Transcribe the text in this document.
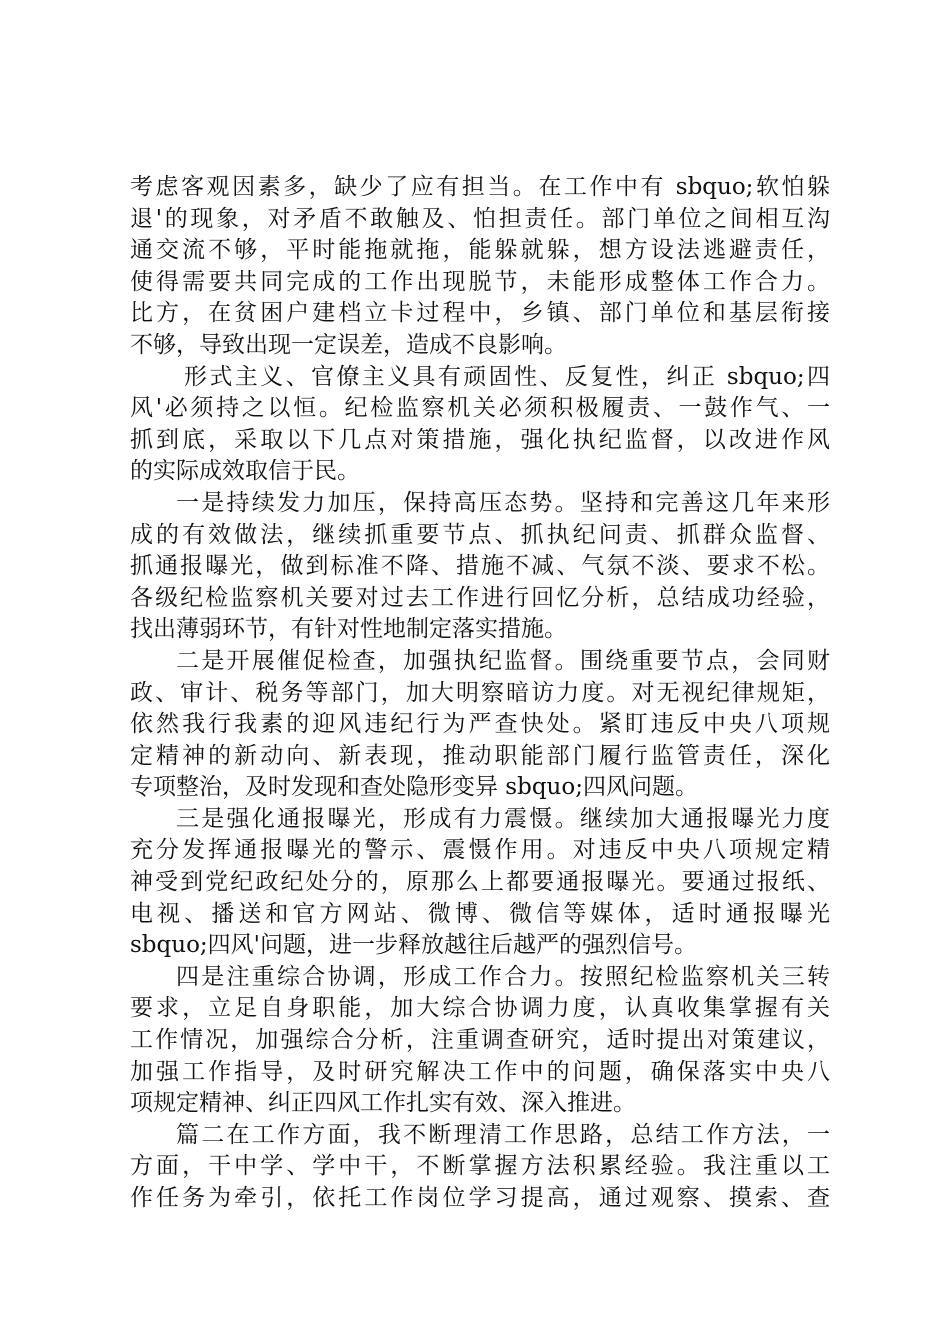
考虑客观因素多，缺少了应有担当。在工作中有 sbquo;软怕躲
退'的现象，对矛盾不敢触及、怕担责任。部门单位之间相互沟
通交流不够，平时能拖就拖，能躲就躲，想方设法逃避责任，
使得需要共同完成的工作出现脱节，未能形成整体工作合力。
比方，在贫困户建档立卡过程中，乡镇、部门单位和基层衔接
不够，导致出现一定误差，造成不良影响。
形式主义、官僚主义具有顽固性、反复性，纠正 sbquo;四
风'必须持之以恒。纪检监察机关必须积极履责、一鼓作气、一
抓到底，采取以下几点对策措施，强化执纪监督，以改进作风
的实际成效取信于民。
一是持续发力加压，保持高压态势。坚持和完善这几年来形
成的有效做法，继续抓重要节点、抓执纪问责、抓群众监督、
抓通报曝光，做到标准不降、措施不减、气氛不淡、要求不松。
各级纪检监察机关要对过去工作进行回忆分析，总结成功经验，
找出薄弱环节，有针对性地制定落实措施。
二是开展催促检查，加强执纪监督。围绕重要节点，会同财
政、审计、税务等部门，加大明察暗访力度。对无视纪律规矩，
依然我行我素的迎风违纪行为严查快处。紧盯违反中央八项规
定精神的新动向、新表现，推动职能部门履行监管责任，深化
专项整治，及时发现和查处隐形变异 sbquo;四风问题。
三是强化通报曝光，形成有力震慑。继续加大通报曝光力度
充分发挥通报曝光的警示、震慑作用。对违反中央八项规定精
神受到党纪政纪处分的，原那么上都要通报曝光。要通过报纸、
电视、播送和官方网站、微博、微信等媒体，适时通报曝光
sbquo;四风'问题，进一步释放越往后越严的强烈信号。
四是注重综合协调，形成工作合力。按照纪检监察机关三转
要求，立足自身职能，加大综合协调力度，认真收集掌握有关
工作情况，加强综合分析，注重调查研究，适时提出对策建议，
加强工作指导，及时研究解决工作中的问题，确保落实中央八
项规定精神、纠正四风工作扎实有效、深入推进。
篇二在工作方面，我不断理清工作思路，总结工作方法，一
方面，干中学、学中干，不断掌握方法积累经验。我注重以工
作任务为牵引，依托工作岗位学习提高，通过观察、摸索、查
